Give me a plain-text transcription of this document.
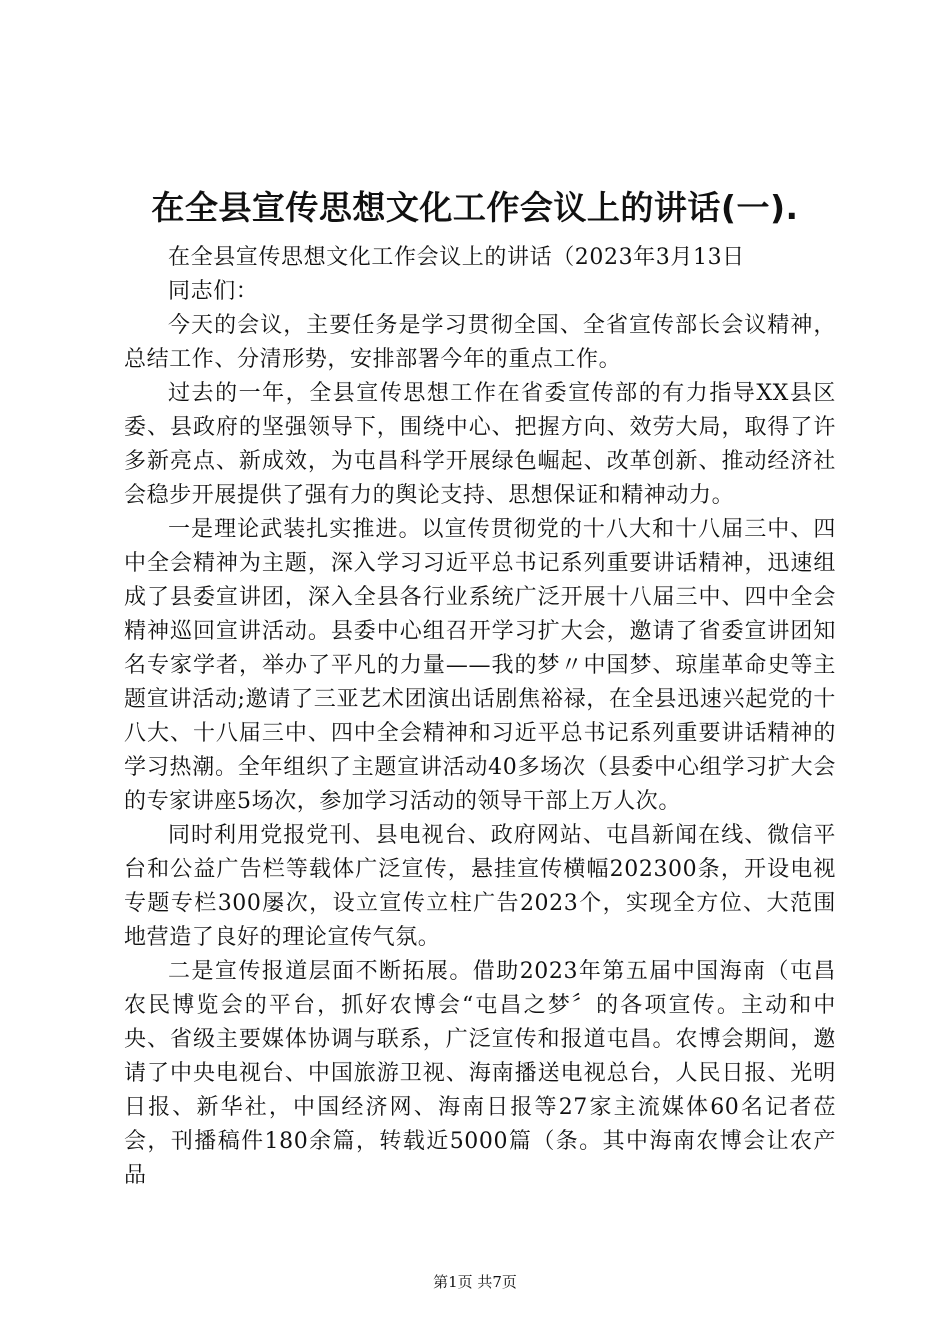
在全县宣传思想文化工作会议上的讲话(一).

在全县宣传思想文化工作会议上的讲话（2023年3月13日

同志们：

今天的会议，主要任务是学习贯彻全国、全省宣传部长会议精神，总结工作、分清形势，安排部署今年的重点工作。

过去的一年，全县宣传思想工作在省委宣传部的有力指导XX县区委、县政府的坚强领导下，围绕中心、把握方向、效劳大局，取得了许多新亮点、新成效，为屯昌科学开展绿色崛起、改革创新、推动经济社会稳步开展提供了强有力的舆论支持、思想保证和精神动力。

一是理论武装扎实推进。以宣传贯彻党的十八大和十八届三中、四中全会精神为主题，深入学习习近平总书记系列重要讲话精神，迅速组成了县委宣讲团，深入全县各行业系统广泛开展十八届三中、四中全会精神巡回宣讲活动。县委中心组召开学习扩大会，邀请了省委宣讲团知名专家学者，举办了平凡的力量——我的梦〃中国梦、琼崖革命史等主题宣讲活动;邀请了三亚艺术团演出话剧焦裕禄，在全县迅速兴起党的十八大、十八届三中、四中全会精神和习近平总书记系列重要讲话精神的学习热潮。全年组织了主题宣讲活动40多场次（县委中心组学习扩大会的专家讲座5场次，参加学习活动的领导干部上万人次。

同时利用党报党刊、县电视台、政府网站、屯昌新闻在线、微信平台和公益广告栏等载体广泛宣传，悬挂宣传横幅202300条，开设电视专题专栏300屡次，设立宣传立柱广告2023个，实现全方位、大范围地营造了良好的理论宣传气氛。

二是宣传报道层面不断拓展。借助2023年第五届中国海南（屯昌农民博览会的平台，抓好农博会“屯昌之梦〞的各项宣传。主动和中央、省级主要媒体协调与联系，广泛宣传和报道屯昌。农博会期间，邀请了中央电视台、中国旅游卫视、海南播送电视总台，人民日报、光明日报、新华社，中国经济网、海南日报等27家主流媒体60名记者莅会，刊播稿件180余篇，转载近5000篇（条。其中海南农博会让农产品

第1页 共7页
